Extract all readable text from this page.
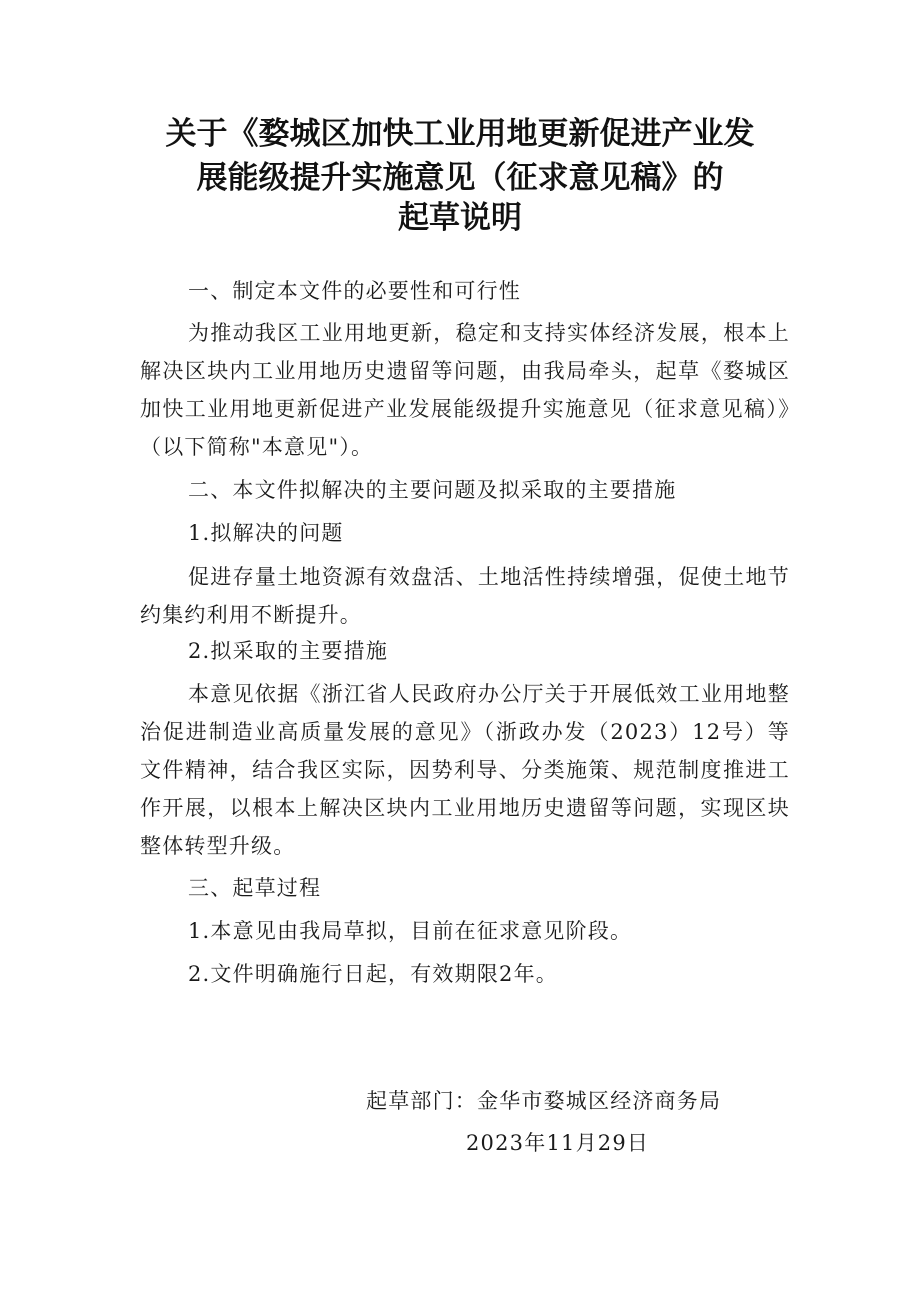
关于《婺城区加快工业用地更新促进产业发
展能级提升实施意见（征求意见稿》的
起草说明

一、制定本文件的必要性和可行性

为推动我区工业用地更新，稳定和支持实体经济发展，根本上解决区块内工业用地历史遗留等问题，由我局牵头，起草《婺城区加快工业用地更新促进产业发展能级提升实施意见（征求意见稿）》（以下简称"本意见"）。

二、本文件拟解决的主要问题及拟采取的主要措施

1.拟解决的问题

促进存量土地资源有效盘活、土地活性持续增强，促使土地节约集约利用不断提升。

2.拟采取的主要措施

本意见依据《浙江省人民政府办公厅关于开展低效工业用地整治促进制造业高质量发展的意见》（浙政办发（2023）12号）等文件精神，结合我区实际，因势利导、分类施策、规范制度推进工作开展，以根本上解决区块内工业用地历史遗留等问题，实现区块整体转型升级。

三、起草过程

1.本意见由我局草拟，目前在征求意见阶段。

2.文件明确施行日起，有效期限2年。

起草部门：金华市婺城区经济商务局
2023年11月29日
